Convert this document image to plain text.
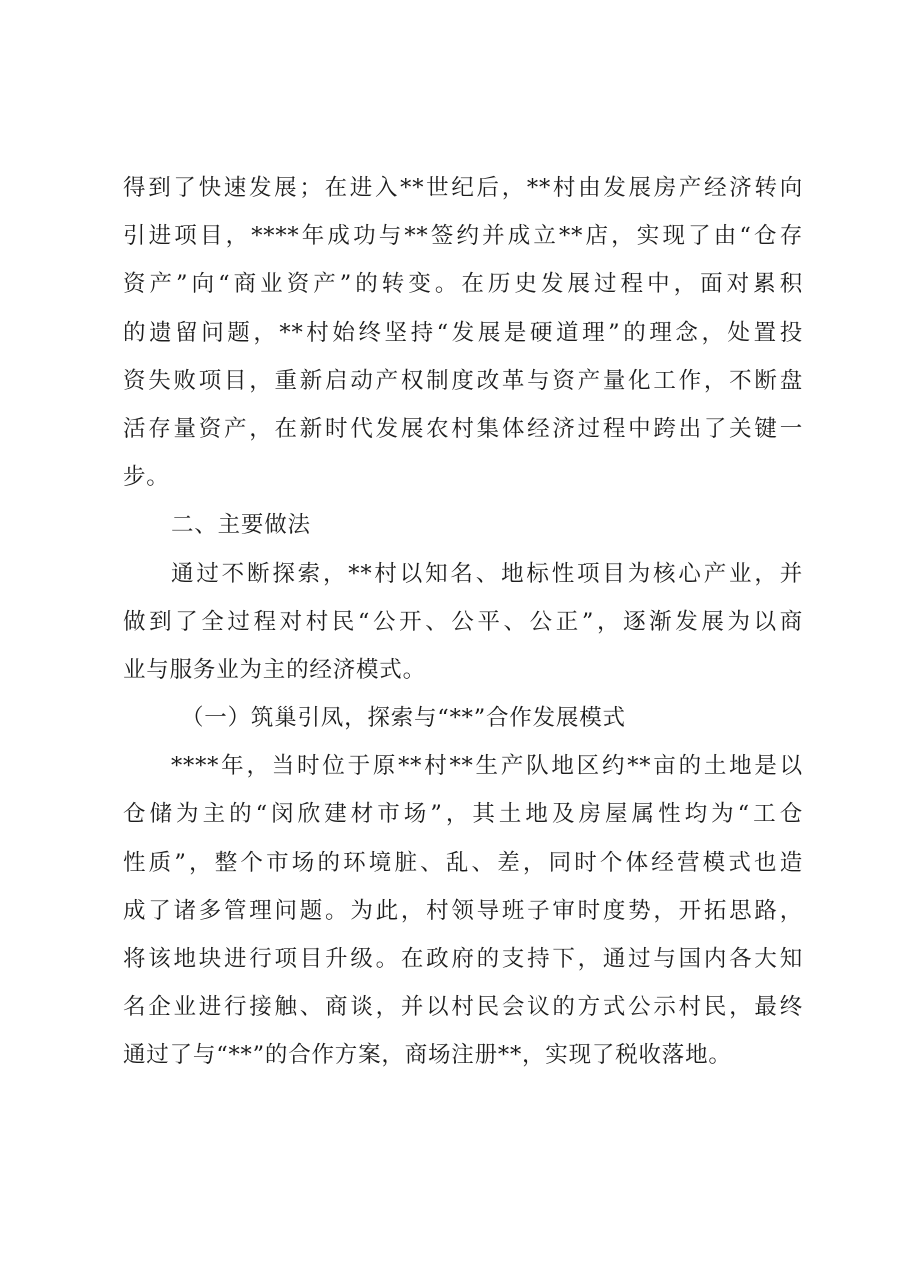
得到了快速发展；在进入**世纪后，**村由发展房产经济转向
引进项目，****年成功与**签约并成立**店，实现了由“仓存
资产”向“商业资产”的转变。在历史发展过程中，面对累积
的遗留问题，**村始终坚持“发展是硬道理”的理念，处置投
资失败项目，重新启动产权制度改革与资产量化工作，不断盘
活存量资产，在新时代发展农村集体经济过程中跨出了关键一
步。
二、主要做法
通过不断探索，**村以知名、地标性项目为核心产业，并
做到了全过程对村民“公开、公平、公正”，逐渐发展为以商
业与服务业为主的经济模式。
（一）筑巢引凤，探索与“**”合作发展模式
****年，当时位于原**村**生产队地区约**亩的土地是以
仓储为主的“闵欣建材市场”，其土地及房屋属性均为“工仓
性质”，整个市场的环境脏、乱、差，同时个体经营模式也造
成了诸多管理问题。为此，村领导班子审时度势，开拓思路，
将该地块进行项目升级。在政府的支持下，通过与国内各大知
名企业进行接触、商谈，并以村民会议的方式公示村民，最终
通过了与“**”的合作方案，商场注册**，实现了税收落地。
